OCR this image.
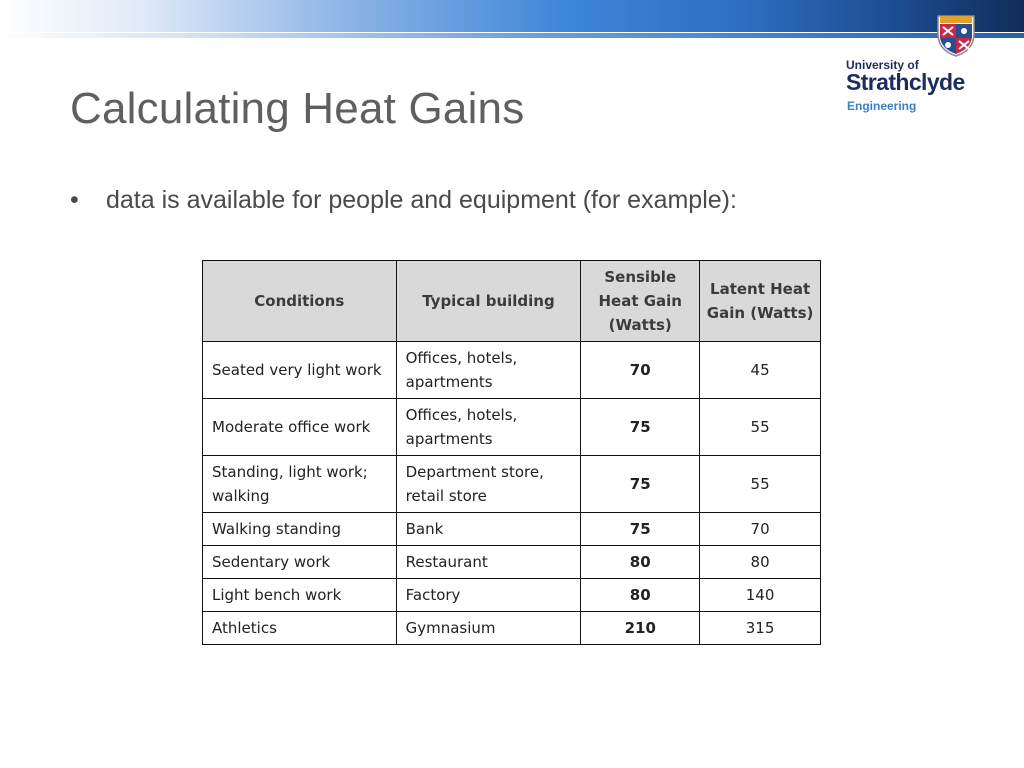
University of
Strathclyde
Engineering
Calculating Heat Gains
• data is available for people and equipment (for example):
Conditions	Typical building	Sensible Heat Gain (Watts)	Latent Heat Gain (Watts)
Seated very light work	Offices, hotels, apartments	70	45
Moderate office work	Offices, hotels, apartments	75	55
Standing, light work; walking	Department store, retail store	75	55
Walking standing	Bank	75	70
Sedentary work	Restaurant	80	80
Light bench work	Factory	80	140
Athletics	Gymnasium	210	315
